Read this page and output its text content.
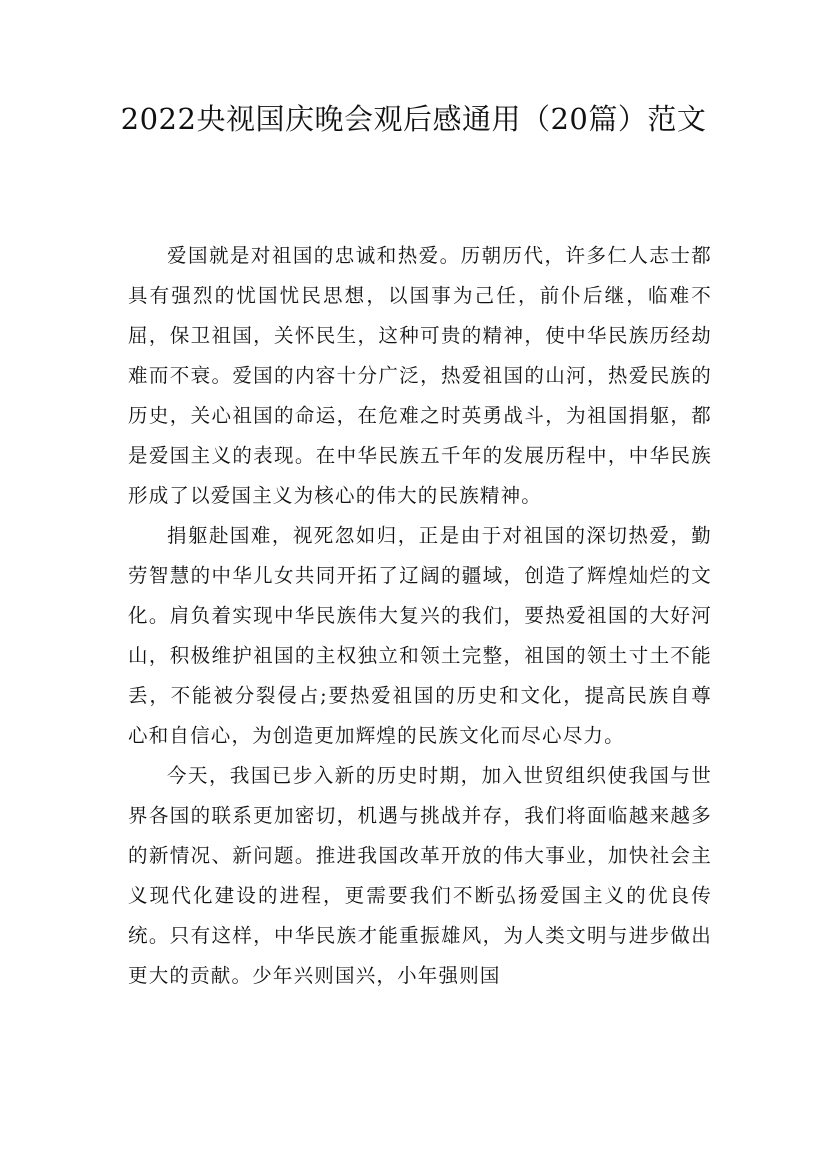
2022央视国庆晚会观后感通用（20篇）范文

爱国就是对祖国的忠诚和热爱。历朝历代，许多仁人志士都具有强烈的忧国忧民思想，以国事为己任，前仆后继，临难不屈，保卫祖国，关怀民生，这种可贵的精神，使中华民族历经劫难而不衰。爱国的内容十分广泛，热爱祖国的山河，热爱民族的历史，关心祖国的命运，在危难之时英勇战斗，为祖国捐躯，都是爱国主义的表现。在中华民族五千年的发展历程中，中华民族形成了以爱国主义为核心的伟大的民族精神。

捐躯赴国难，视死忽如归，正是由于对祖国的深切热爱，勤劳智慧的中华儿女共同开拓了辽阔的疆域，创造了辉煌灿烂的文化。肩负着实现中华民族伟大复兴的我们，要热爱祖国的大好河山，积极维护祖国的主权独立和领土完整，祖国的领土寸土不能丢，不能被分裂侵占;要热爱祖国的历史和文化，提高民族自尊心和自信心，为创造更加辉煌的民族文化而尽心尽力。

今天，我国已步入新的历史时期，加入世贸组织使我国与世界各国的联系更加密切，机遇与挑战并存，我们将面临越来越多的新情况、新问题。推进我国改革开放的伟大事业，加快社会主义现代化建设的进程，更需要我们不断弘扬爱国主义的优良传统。只有这样，中华民族才能重振雄风，为人类文明与进步做出更大的贡献。少年兴则国兴，小年强则国
